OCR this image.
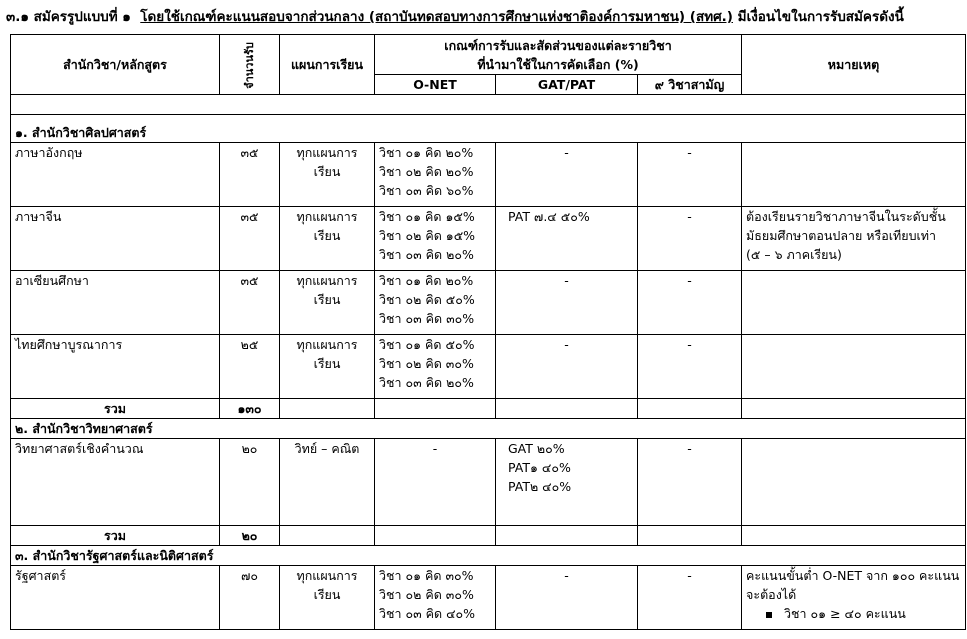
๓.๑ สมัครรูปแบบที่ ๑ โดยใช้เกณฑ์คะแนนสอบจากส่วนกลาง (สถาบันทดสอบทางการศึกษาแห่งชาติองค์การมหาชน) (สทศ.) มีเงื่อนไขในการรับสมัครดังนี้
สำนักวิชา/หลักสูตร	จำนวนรับ	แผนการเรียน	เกณฑ์การรับและสัดส่วนของแต่ละรายวิชา
ที่นำมาใช้ในการคัดเลือก (%)			หมายเหตุ
			O-NET	GAT/PAT	๙ วิชาสามัญ	

๑. สำนักวิชาศิลปศาสตร์						
ภาษาอังกฤษ	๓๕	ทุกแผนการเรียน	วิชา ๐๑ คิด ๒๐%
วิชา ๐๒ คิด ๒๐%
วิชา ๐๓ คิด ๖๐%	-	-	
ภาษาจีน	๓๕	ทุกแผนการเรียน	วิชา ๐๑ คิด ๑๕%
วิชา ๐๒ คิด ๑๕%
วิชา ๐๓ คิด ๒๐%	PAT ๗.๔ ๕๐%	-	ต้องเรียนรายวิชาภาษาจีนในระดับชั้น
มัธยมศึกษาตอนปลาย หรือเทียบเท่า
(๕ – ๖ ภาคเรียน)

อาเซียนศึกษา	๓๕	ทุกแผนการเรียน	วิชา ๐๑ คิด ๒๐%
วิชา ๐๒ คิด ๕๐%
วิชา ๐๓ คิด ๓๐%	-	-	
ไทยศึกษาบูรณาการ	๒๕	ทุกแผนการเรียน	วิชา ๐๑ คิด ๕๐%
วิชา ๐๒ คิด ๓๐%
วิชา ๐๓ คิด ๒๐%	-	-	
รวม	๑๓๐					
๒. สำนักวิชาวิทยาศาสตร์						
วิทยาศาสตร์เชิงคำนวณ	๒๐	วิทย์ – คณิต	-	GAT ๒๐%
PAT๑ ๔๐%
PAT๒ ๔๐%	-	
รวม	๒๐					
๓. สำนักวิชารัฐศาสตร์และนิติศาสตร์						
รัฐศาสตร์	๗๐	ทุกแผนการเรียน	วิชา ๐๑ คิด ๓๐%
วิชา ๐๒ คิด ๓๐%
วิชา ๐๓ คิด ๔๐%	-	-	คะแนนขั้นต่ำ O-NET จาก ๑๐๐ คะแนน
จะต้องได้
วิชา ๐๑ ≥ ๔๐ คะแนน
